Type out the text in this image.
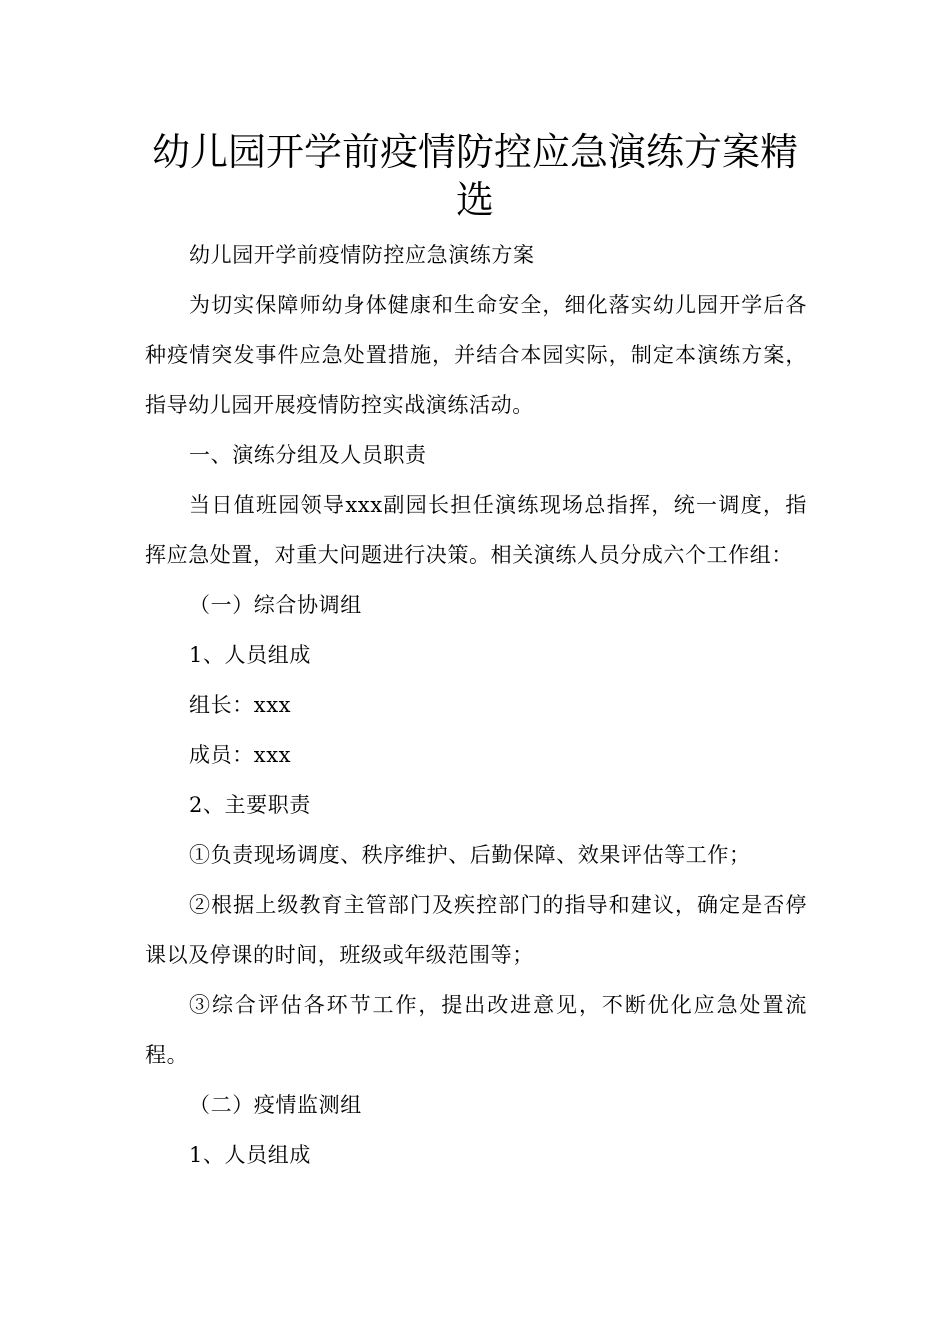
幼儿园开学前疫情防控应急演练方案精选

幼儿园开学前疫情防控应急演练方案

为切实保障师幼身体健康和生命安全，细化落实幼儿园开学后各种疫情突发事件应急处置措施，并结合本园实际，制定本演练方案，指导幼儿园开展疫情防控实战演练活动。

一、演练分组及人员职责

当日值班园领导xxx副园长担任演练现场总指挥，统一调度，指挥应急处置，对重大问题进行决策。相关演练人员分成六个工作组：

（一）综合协调组

1、人员组成

组长：xxx

成员：xxx

2、主要职责

①负责现场调度、秩序维护、后勤保障、效果评估等工作；

②根据上级教育主管部门及疾控部门的指导和建议，确定是否停课以及停课的时间，班级或年级范围等；

③综合评估各环节工作，提出改进意见，不断优化应急处置流程。

（二）疫情监测组

1、人员组成
